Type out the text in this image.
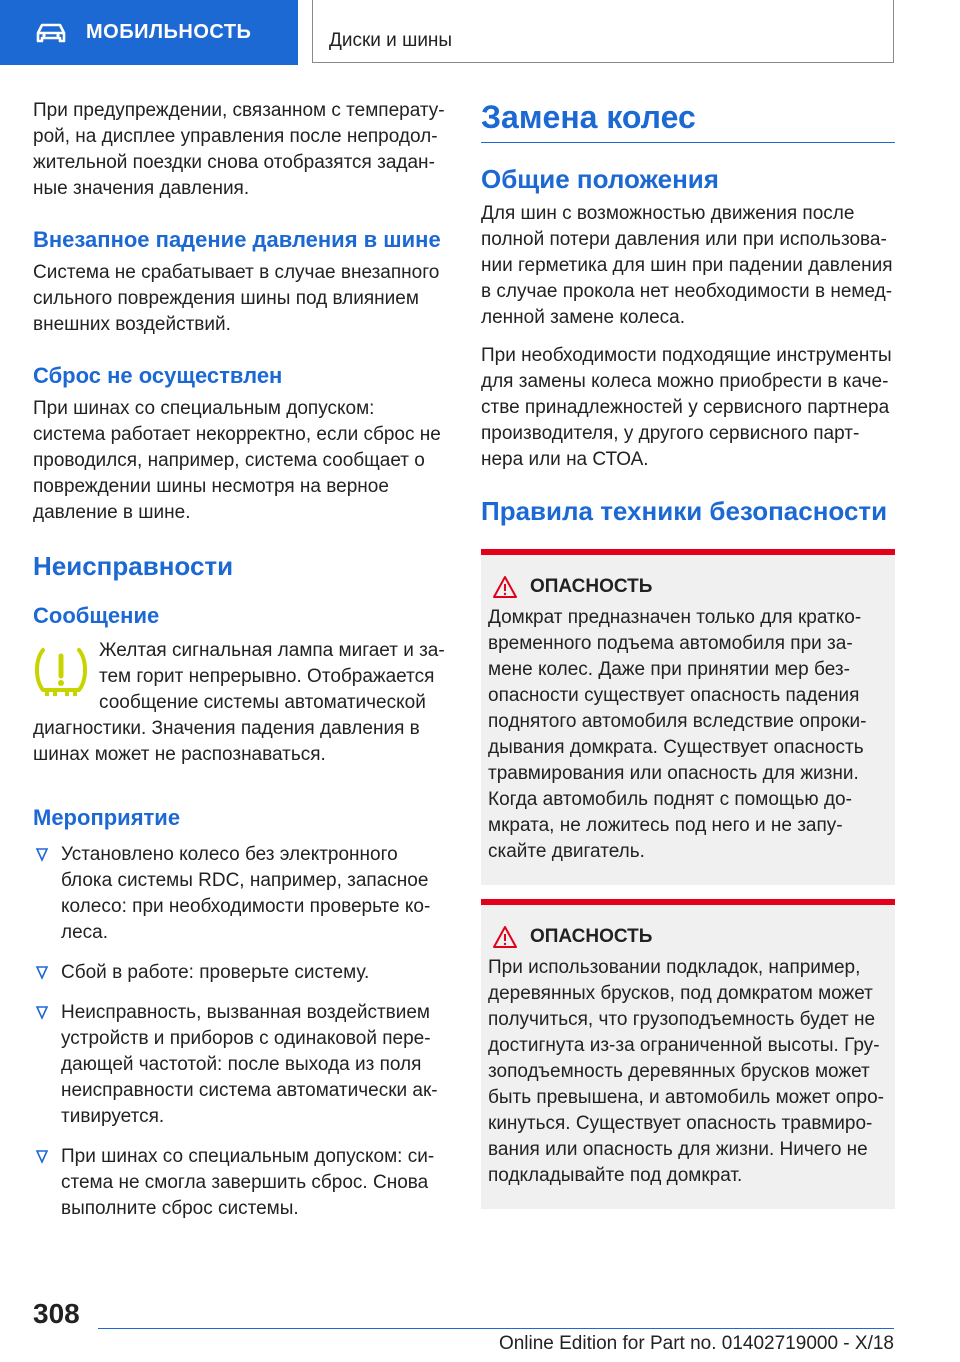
МОБИЛЬНОСТЬ	Диски и шины

При предупреждении, связанном с температурой, на дисплее управления после непродолжительной поездки снова отобразятся заданные значения давления.

Внезапное падение давления в шине

Система не срабатывает в случае внезапного сильного повреждения шины под влиянием внешних воздействий.

Сброс не осуществлен

При шинах со специальным допуском: система работает некорректно, если сброс не проводился, например, система сообщает о повреждении шины несмотря на верное давление в шине.

Неисправности
Сообщение

Желтая сигнальная лампа мигает и затем горит непрерывно. Отображается сообщение системы автоматической диагностики. Значения падения давления в шинах может не распознаваться.

Мероприятие
Установлено колесо без электронного блока системы RDC, например, запасное колесо: при необходимости проверьте колеса.
Сбой в работе: проверьте систему.
Неисправность, вызванная воздействием устройств и приборов с одинаковой передающей частотой: после выхода из поля неисправности система автоматически активируется.
При шинах со специальным допуском: система не смогла завершить сброс. Снова выполните сброс системы.
Замена колес
Общие положения

Для шин с возможностью движения после полной потери давления или при использовании герметика для шин при падении давления в случае прокола нет необходимости в немедленной замене колеса.

При необходимости подходящие инструменты для замены колеса можно приобрести в качестве принадлежностей у сервисного партнера производителя, у другого сервисного партнера или на СТОА.

Правила техники безопасности
ОПАСНОСТЬ

Домкрат предназначен только для кратковременного подъема автомобиля при замене колес. Даже при принятии мер безопасности существует опасность падения поднятого автомобиля вследствие опрокидывания домкрата. Существует опасность травмирования или опасность для жизни. Когда автомобиль поднят с помощью домкрата, не ложитесь под него и не запускайте двигатель.

ОПАСНОСТЬ

При использовании подкладок, например, деревянных брусков, под домкратом может получиться, что грузоподъемность будет не достигнута из-за ограниченной высоты. Грузоподъемность деревянных брусков может быть превышена, и автомобиль может опрокинуться. Существует опасность травмирования или опасность для жизни. Ничего не подкладывайте под домкрат.

308
Online Edition for Part no. 01402719000 - X/18
